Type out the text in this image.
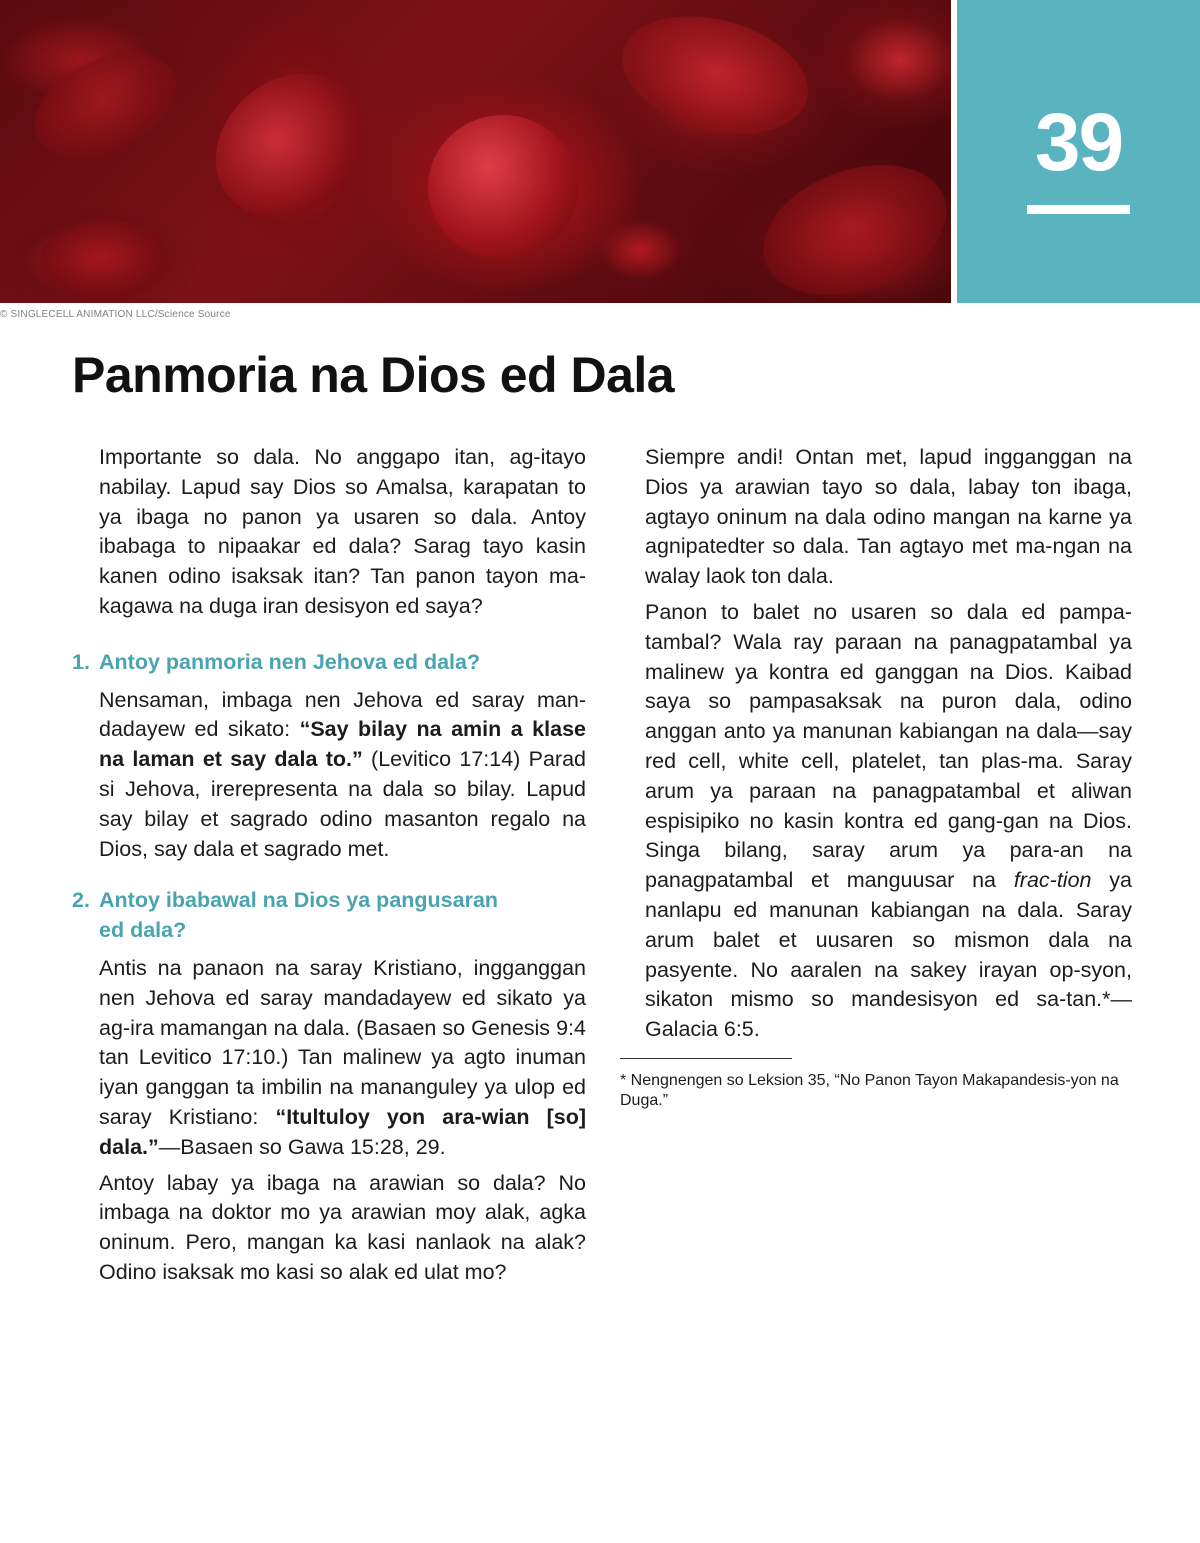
39
© SINGLECELL ANIMATION LLC/Science Source
Panmoria na Dios ed Dala

Importante so dala. No anggapo itan, ag-itayo nabilay. Lapud say Dios so Amalsa, karapatan to ya ibaga no panon ya usaren so dala. Antoy ibabaga to nipaakar ed dala? Sarag tayo kasin kanen odino isaksak itan? Tan panon tayon ma-kagawa na duga iran desisyon ed saya?

1. Antoy panmoria nen Jehova ed dala?

Nensaman, imbaga nen Jehova ed saray man-dadayew ed sikato: “Say bilay na amin a klase na laman et say dala to.” (Levitico 17:14) Parad si Jehova, irerepresenta na dala so bilay. Lapud say bilay et sagrado odino masanton regalo na Dios, say dala et sagrado met.

2. Antoy ibabawal na Dios ya pangusaran
ed dala?

Antis na panaon na saray Kristiano, ingganggan nen Jehova ed saray mandadayew ed sikato ya ag-ira mamangan na dala. (Basaen so Genesis 9:4 tan Levitico 17:10.) Tan malinew ya agto inuman iyan ganggan ta imbilin na mananguley ya ulop ed saray Kristiano: “Itultuloy yon ara-wian [so] dala.”—Basaen so Gawa 15:28, 29.

Antoy labay ya ibaga na arawian so dala? No imbaga na doktor mo ya arawian moy alak, agka oninum. Pero, mangan ka kasi nanlaok na alak? Odino isaksak mo kasi so alak ed ulat mo?

Siempre andi! Ontan met, lapud ingganggan na Dios ya arawian tayo so dala, labay ton ibaga, agtayo oninum na dala odino mangan na karne ya agnipatedter so dala. Tan agtayo met ma-ngan na walay laok ton dala.

Panon to balet no usaren so dala ed pampa-tambal? Wala ray paraan na panagpatambal ya malinew ya kontra ed ganggan na Dios. Kaibad saya so pampasaksak na puron dala, odino anggan anto ya manunan kabiangan na dala—say red cell, white cell, platelet, tan plas-ma. Saray arum ya paraan na panagpatambal et aliwan espisipiko no kasin kontra ed gang-gan na Dios. Singa bilang, saray arum ya para-an na panagpatambal et manguusar na frac-tion ya nanlapu ed manunan kabiangan na dala. Saray arum balet et uusaren so mismon dala na pasyente. No aaralen na sakey irayan op-syon, sikaton mismo so mandesisyon ed sa-tan.*—Galacia 6:5.

* Nengnengen so Leksion 35, “No Panon Tayon Makapandesis-yon na Duga.”
